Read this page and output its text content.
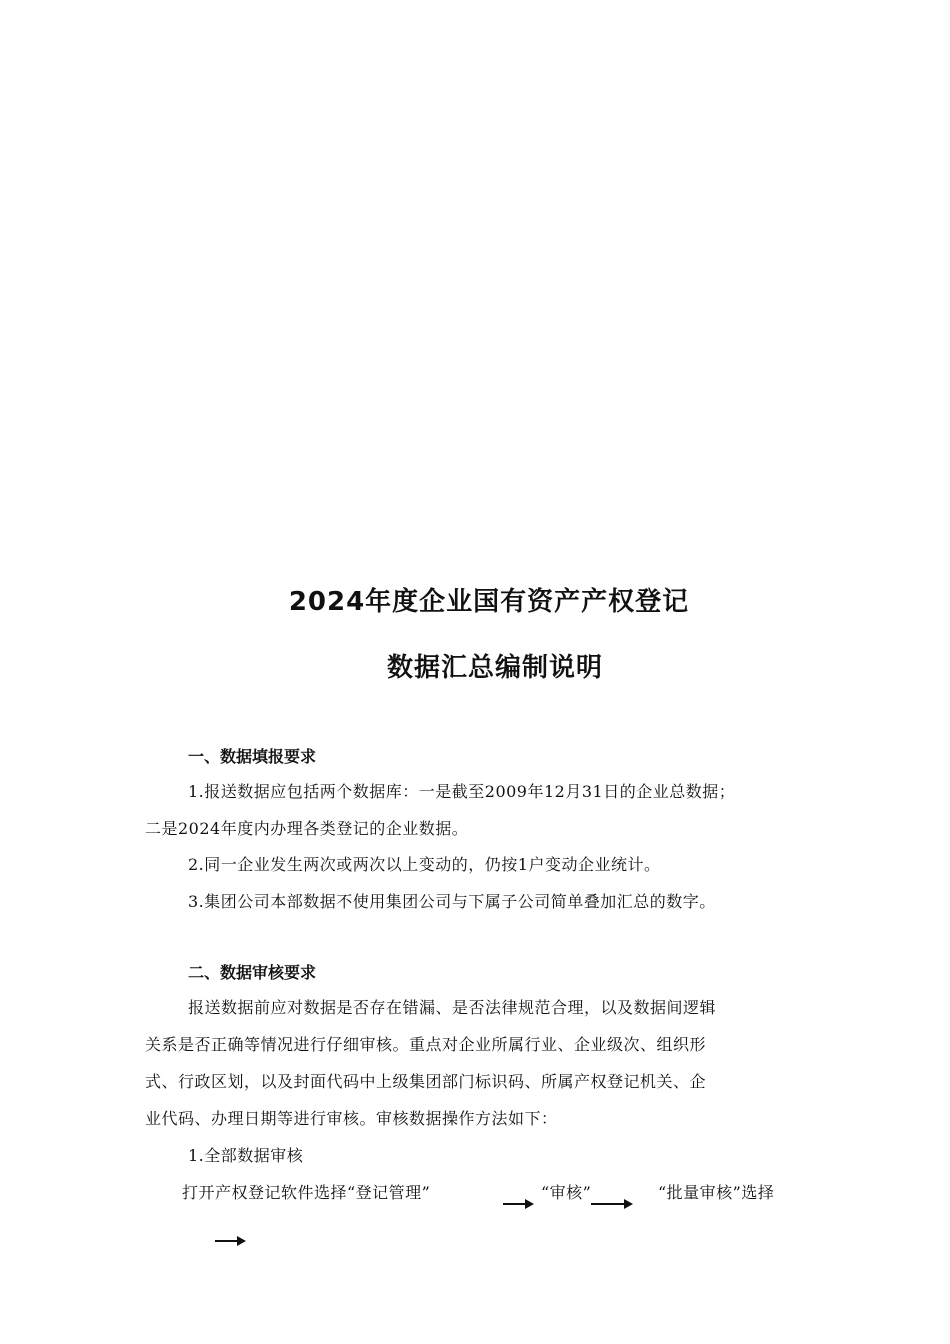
2024年度企业国有资产产权登记
数据汇总编制说明
一、数据填报要求
1.报送数据应包括两个数据库：一是截至2009年12月31日的企业总数据；
二是2024年度内办理各类登记的企业数据。
2.同一企业发生两次或两次以上变动的，仍按1户变动企业统计。
3.集团公司本部数据不使用集团公司与下属子公司简单叠加汇总的数字。
二、数据审核要求
报送数据前应对数据是否存在错漏、是否法律规范合理，以及数据间逻辑
关系是否正确等情况进行仔细审核。重点对企业所属行业、企业级次、组织形
式、行政区划，以及封面代码中上级集团部门标识码、所属产权登记机关、企
业代码、办理日期等进行审核。审核数据操作方法如下：
1.全部数据审核
打开产权登记软件选择“登记管理”	“审核”	“批量审核”选择
